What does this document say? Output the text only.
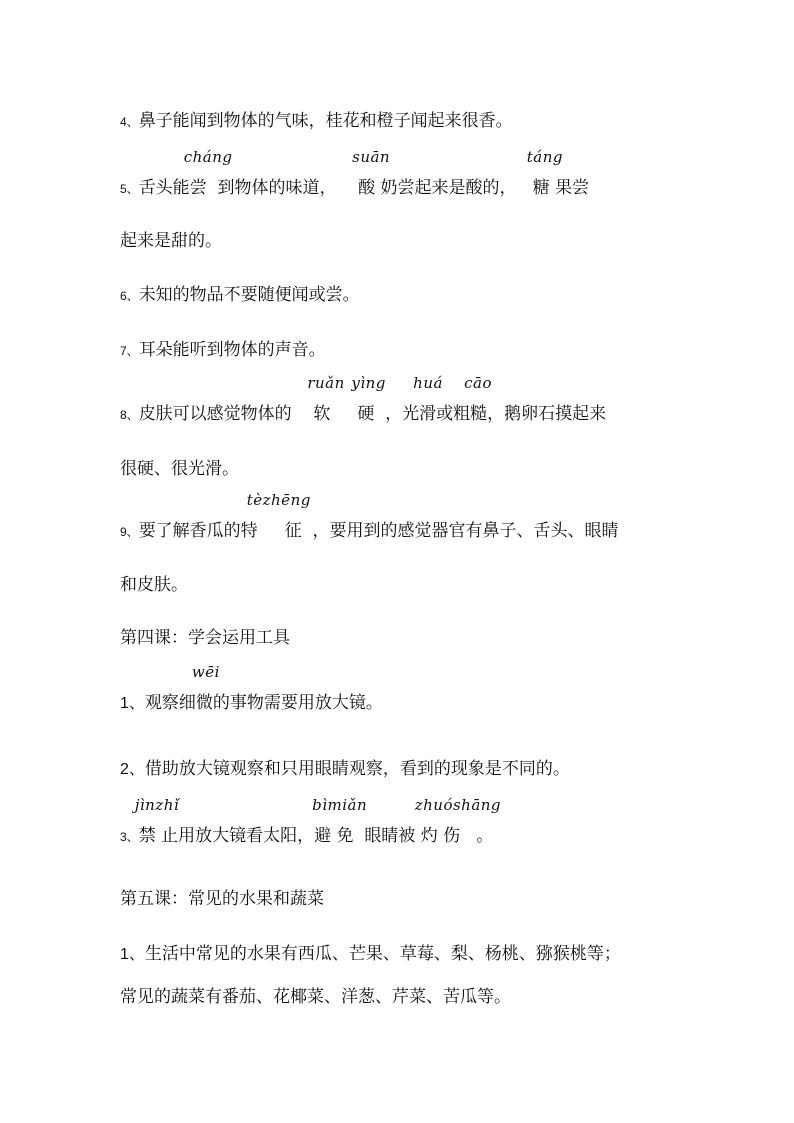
4、鼻子能闻到物体的气味，桂花和橙子闻起来很香。
5、舌头能
cháng
尝 到物体的味道，
suān
酸 奶尝起来是酸的，
táng
糖 果尝
起来是甜的。
6、未知的物品不要随便闻或尝。
7、耳朵能听到物体的声音。
8、皮肤可以感觉物体的
ruǎn
软
yìng
硬 ，光
huá
滑或粗
cāo
糙，鹅卵石摸起来
很硬、很光滑。
9、要了解香瓜的特
tèzhēng
征 ，要用到的感觉器官有鼻子、舌头、眼睛
和皮肤。
第四课：学会运用工具
1、观察细
wēi
微的事物需要用放大镜。
2、借助放大镜观察和只用眼睛观察，看到的现象是不同的。
3、
jìnzhǐ
禁 止用放大镜看太阳，
bìmiǎn
避 免 眼睛被
zhuóshāng
灼 伤 。
第五课：常见的水果和蔬菜
1、生活中常见的水果有西瓜、芒果、草莓、梨、杨桃、猕猴桃等；
常见的蔬菜有番茄、花椰菜、洋葱、芹菜、苦瓜等。
